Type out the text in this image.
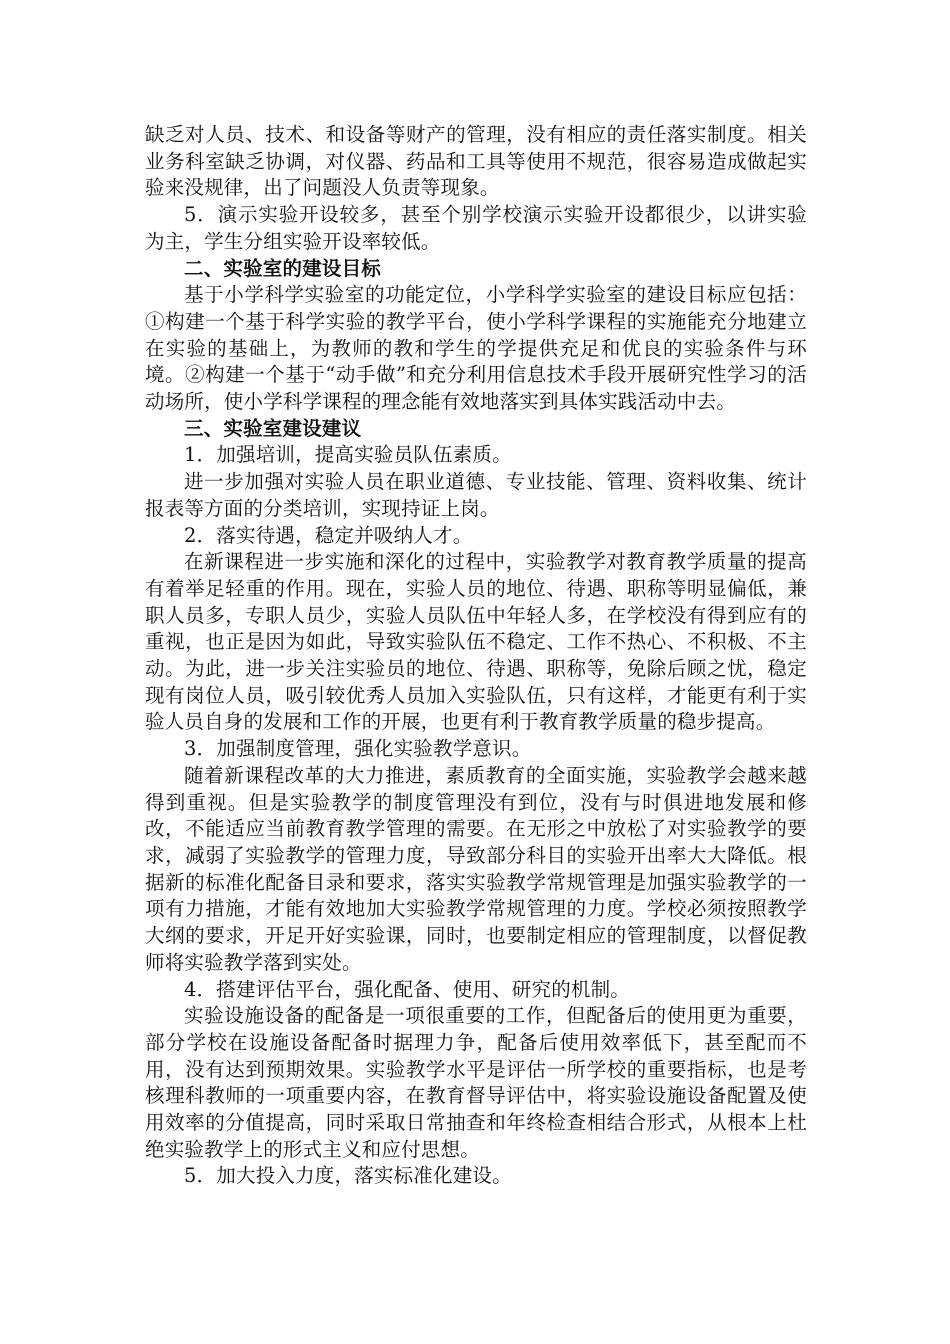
缺乏对人员、技术、和设备等财产的管理，没有相应的责任落实制度。相关业务科室缺乏协调，对仪器、药品和工具等使用不规范，很容易造成做起实验来没规律，出了问题没人负责等现象。

5．演示实验开设较多，甚至个别学校演示实验开设都很少，以讲实验为主，学生分组实验开设率较低。

二、实验室的建设目标

基于小学科学实验室的功能定位，小学科学实验室的建设目标应包括：①构建一个基于科学实验的教学平台，使小学科学课程的实施能充分地建立在实验的基础上，为教师的教和学生的学提供充足和优良的实验条件与环境。②构建一个基于“动手做”和充分利用信息技术手段开展研究性学习的活动场所，使小学科学课程的理念能有效地落实到具体实践活动中去。

三、实验室建设建议

1．加强培训，提高实验员队伍素质。

进一步加强对实验人员在职业道德、专业技能、管理、资料收集、统计报表等方面的分类培训，实现持证上岗。

2．落实待遇，稳定并吸纳人才。

在新课程进一步实施和深化的过程中，实验教学对教育教学质量的提高有着举足轻重的作用。现在，实验人员的地位、待遇、职称等明显偏低，兼职人员多，专职人员少，实验人员队伍中年轻人多，在学校没有得到应有的重视，也正是因为如此，导致实验队伍不稳定、工作不热心、不积极、不主动。为此，进一步关注实验员的地位、待遇、职称等，免除后顾之忧，稳定现有岗位人员，吸引较优秀人员加入实验队伍，只有这样，才能更有利于实验人员自身的发展和工作的开展，也更有利于教育教学质量的稳步提高。

3．加强制度管理，强化实验教学意识。

随着新课程改革的大力推进，素质教育的全面实施，实验教学会越来越得到重视。但是实验教学的制度管理没有到位，没有与时俱进地发展和修改，不能适应当前教育教学管理的需要。在无形之中放松了对实验教学的要求，减弱了实验教学的管理力度，导致部分科目的实验开出率大大降低。根据新的标准化配备目录和要求，落实实验教学常规管理是加强实验教学的一项有力措施，才能有效地加大实验教学常规管理的力度。学校必须按照教学大纲的要求，开足开好实验课，同时，也要制定相应的管理制度，以督促教师将实验教学落到实处。

4．搭建评估平台，强化配备、使用、研究的机制。

实验设施设备的配备是一项很重要的工作，但配备后的使用更为重要，部分学校在设施设备配备时据理力争，配备后使用效率低下，甚至配而不用，没有达到预期效果。实验教学水平是评估一所学校的重要指标，也是考核理科教师的一项重要内容，在教育督导评估中，将实验设施设备配置及使用效率的分值提高，同时采取日常抽查和年终检查相结合形式，从根本上杜绝实验教学上的形式主义和应付思想。

5．加大投入力度，落实标准化建设。
